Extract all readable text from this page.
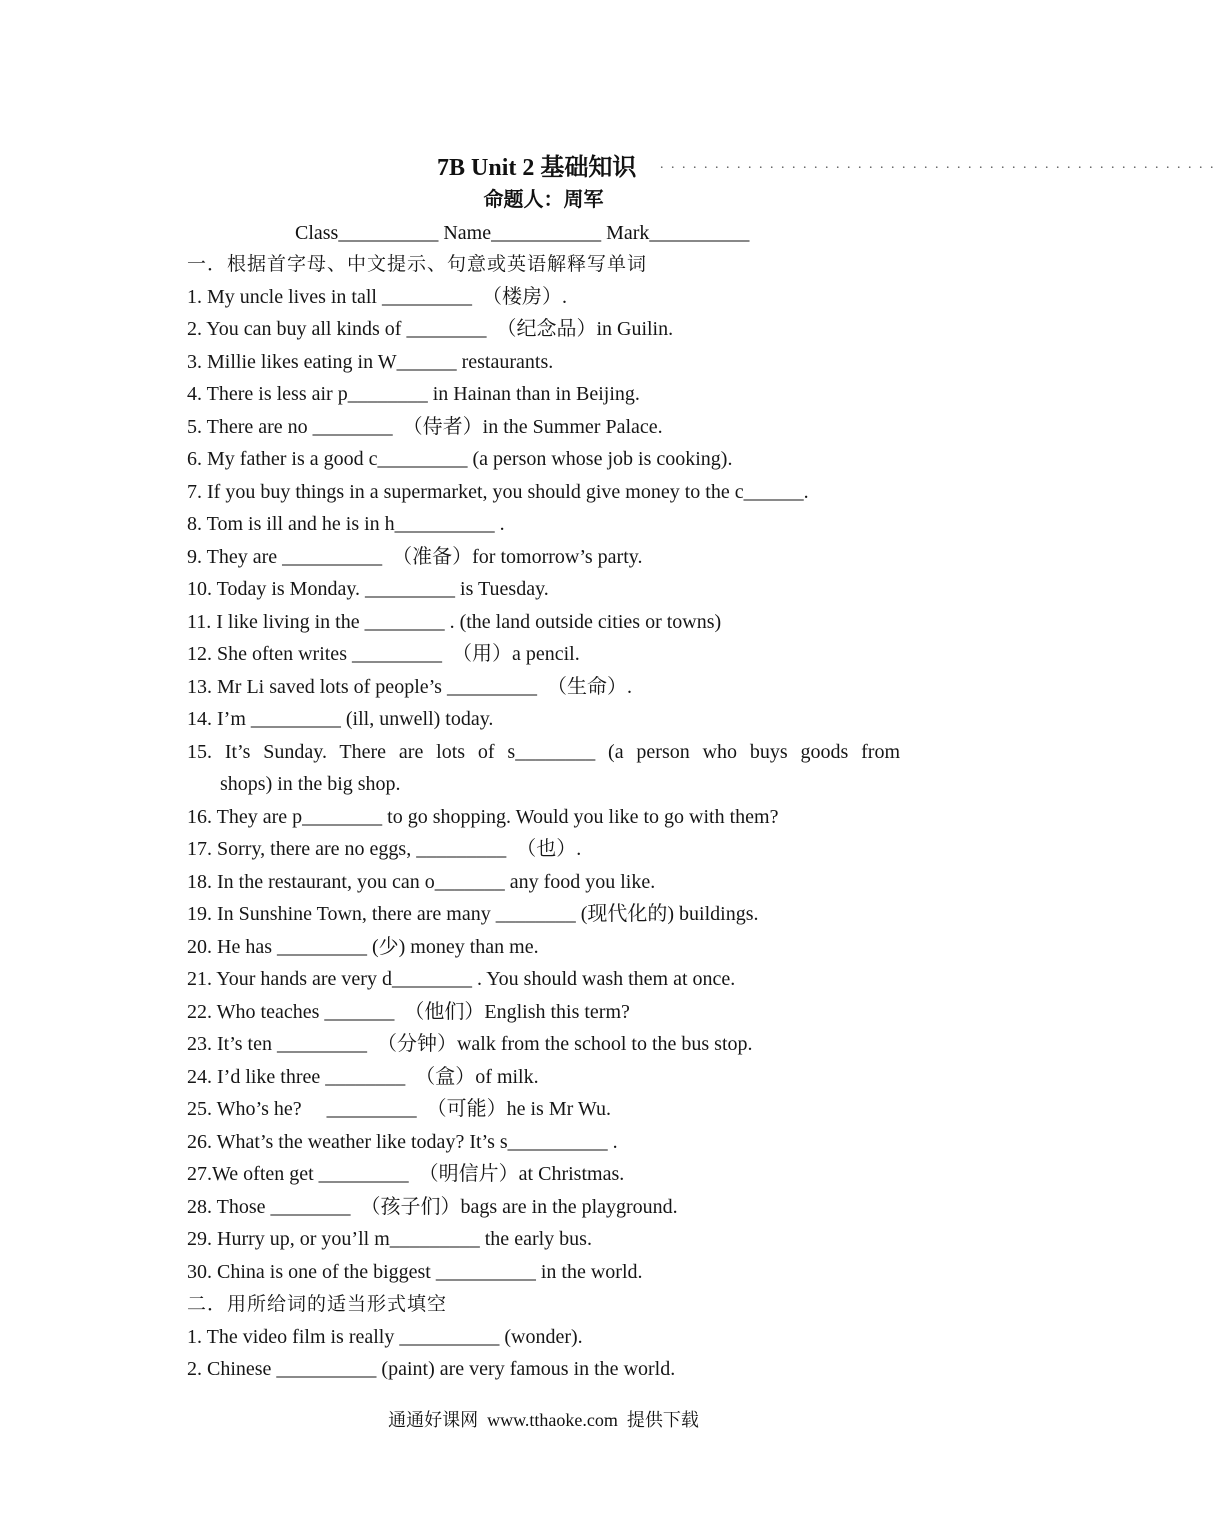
7B Unit 2 基础知识 . . . . . . . . . . . . . . . . . . . . . . . . . . . . . . . . . . . . . . . . . . . . . . . . . . .
命题人：周军
Class__________ Name___________ Mark__________
一．根据首字母、中文提示、句意或英语解释写单词
1. My uncle lives in tall _________  （楼房）.
2. You can buy all kinds of ________  （纪念品）in Guilin.
3. Millie likes eating in W______ restaurants.
4. There is less air p________ in Hainan than in Beijing.
5. There are no ________  （侍者）in the Summer Palace.
6. My father is a good c_________ (a person whose job is cooking).
7. If you buy things in a supermarket, you should give money to the c______.
8. Tom is ill and he is in h__________ .
9. They are __________  （准备）for tomorrow’s party.
10. Today is Monday. _________ is Tuesday.
11. I like living in the ________ . (the land outside cities or towns)
12. She often writes _________  （用）a pencil.
13. Mr Li saved lots of people’s _________  （生命）.
14. I’m _________ (ill, unwell) today.
15. It’s Sunday. There are lots of s________ (a person who buys goods from
shops) in the big shop.
16. They are p________ to go shopping. Would you like to go with them?
17. Sorry, there are no eggs, _________  （也）.
18. In the restaurant, you can o_______ any food you like.
19. In Sunshine Town, there are many ________ (现代化的) buildings.
20. He has _________ (少) money than me.
21. Your hands are very d________ . You should wash them at once.
22. Who teaches _______  （他们）English this term?
23. It’s ten _________  （分钟）walk from the school to the bus stop.
24. I’d like three ________  （盒）of milk.
25. Who’s he?     _________  （可能）he is Mr Wu.
26. What’s the weather like today? It’s s__________ .
27.We often get _________  （明信片）at Christmas.
28. Those ________  （孩子们）bags are in the playground.
29. Hurry up, or you’ll m_________ the early bus.
30. China is one of the biggest __________ in the world.
二．用所给词的适当形式填空
1. The video film is really __________ (wonder).
2. Chinese __________ (paint) are very famous in the world.
通通好课网  www.tthaoke.com  提供下载
